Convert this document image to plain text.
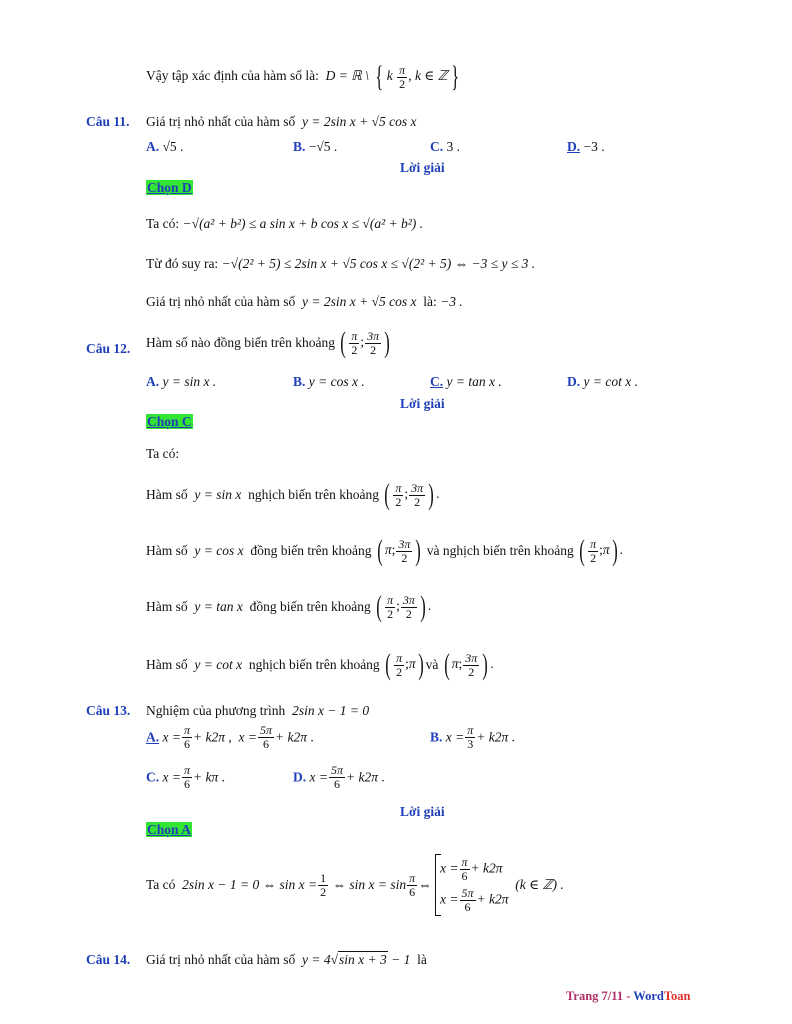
Vậy tập xác định của hàm số là: D = ℝ \ { k $\frac{\pi}{2}$ , k ∈ ℤ }
Câu 11. Giá trị nhỏ nhất của hàm số y = 2sin x + √5 cos x
A. √5 .	B. −√5 .	C. 3 .	D. −3 .
Lời giải
Chọn D
Ta có: −√(a² + b²) ≤ a sin x + b cos x ≤ √(a² + b²) .
Từ đó suy ra: −√(2² + 5) ≤ 2sin x + √5 cos x ≤ √(2² + 5) ⇔ −3 ≤ y ≤ 3 .
Giá trị nhỏ nhất của hàm số y = 2sin x + √5 cos x là: −3 .
Câu 12. Hàm số nào đồng biến trên khoảng ( $\frac{\pi}{2}$ ; $\frac{3\pi}{2}$ )
A. y = sin x .	B. y = cos x .	C. y = tan x .	D. y = cot x .
Lời giải
Chọn C
Ta có:
Hàm số y = sin x nghịch biến trên khoảng ( $\frac{\pi}{2}$ ; $\frac{3\pi}{2}$ ) .
Hàm số y = cos x đồng biến trên khoảng ( π; $\frac{3\pi}{2}$ ) và nghịch biến trên khoảng ( $\frac{\pi}{2}$ ;π) .
Hàm số y = tan x đồng biến trên khoảng ( $\frac{\pi}{2}$ ; $\frac{3\pi}{2}$ ) .
Hàm số y = cot x nghịch biến trên khoảng ( $\frac{\pi}{2}$ ;π) và ( π; $\frac{3\pi}{2}$ ) .
Câu 13. Nghiệm của phương trình 2sin x − 1 = 0
A. $x = \frac{\pi}{6} + k2\pi$ ,  $x = \frac{5\pi}{6} + k2\pi$ .	B. $x = \frac{\pi}{3} + k2\pi$ .
C. $x = \frac{\pi}{6} + k\pi$ .	D. $x = \frac{5\pi}{6} + k2\pi$ .
Lời giải
Chọn A
Ta có 2sin x − 1 = 0 ⇔ $\sin x = \frac{1}{2}$ ⇔ $\sin x = \sin \frac{\pi}{6}$ ⇔
$x = \frac{\pi}{6} + k2\pi$
$x = \frac{5\pi}{6} + k2\pi$
(k ∈ ℤ) .
Câu 14. Giá trị nhỏ nhất của hàm số y = 4√sin x + 3 − 1 là
Trang 7/11 - WordToan
